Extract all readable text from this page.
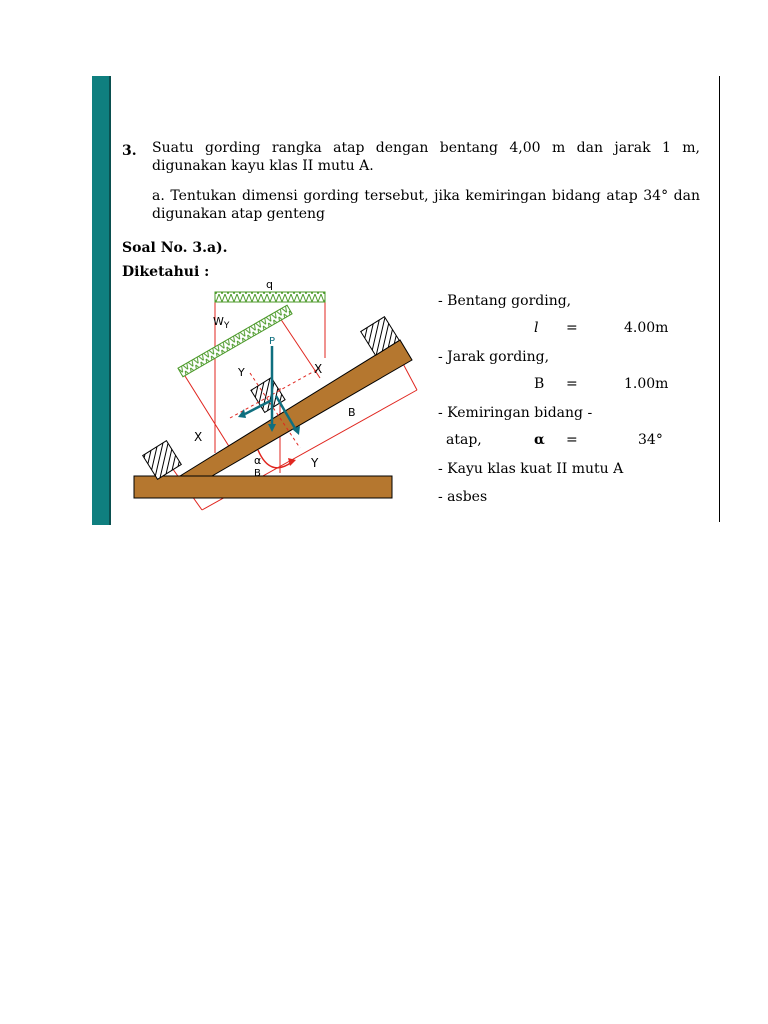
3. Suatu gording rangka atap dengan bentang 4,00 m dan jarak 1 m, digunakan kayu klas II mutu A.
a. Tentukan dimensi gording tersebut, jika kemiringan bidang atap 34° dan digunakan atap genteng
Soal No. 3.a).
Diketahui :
q
$W_Y$
P
Y	X
B
X
α
B
Y
- Bentang gording,
l =	4.00m
- Jarak gording,
B =	1.00m
- Kemiringan bidang -
atap,	α =	34°
- Kayu klas kuat II mutu A
- asbes
